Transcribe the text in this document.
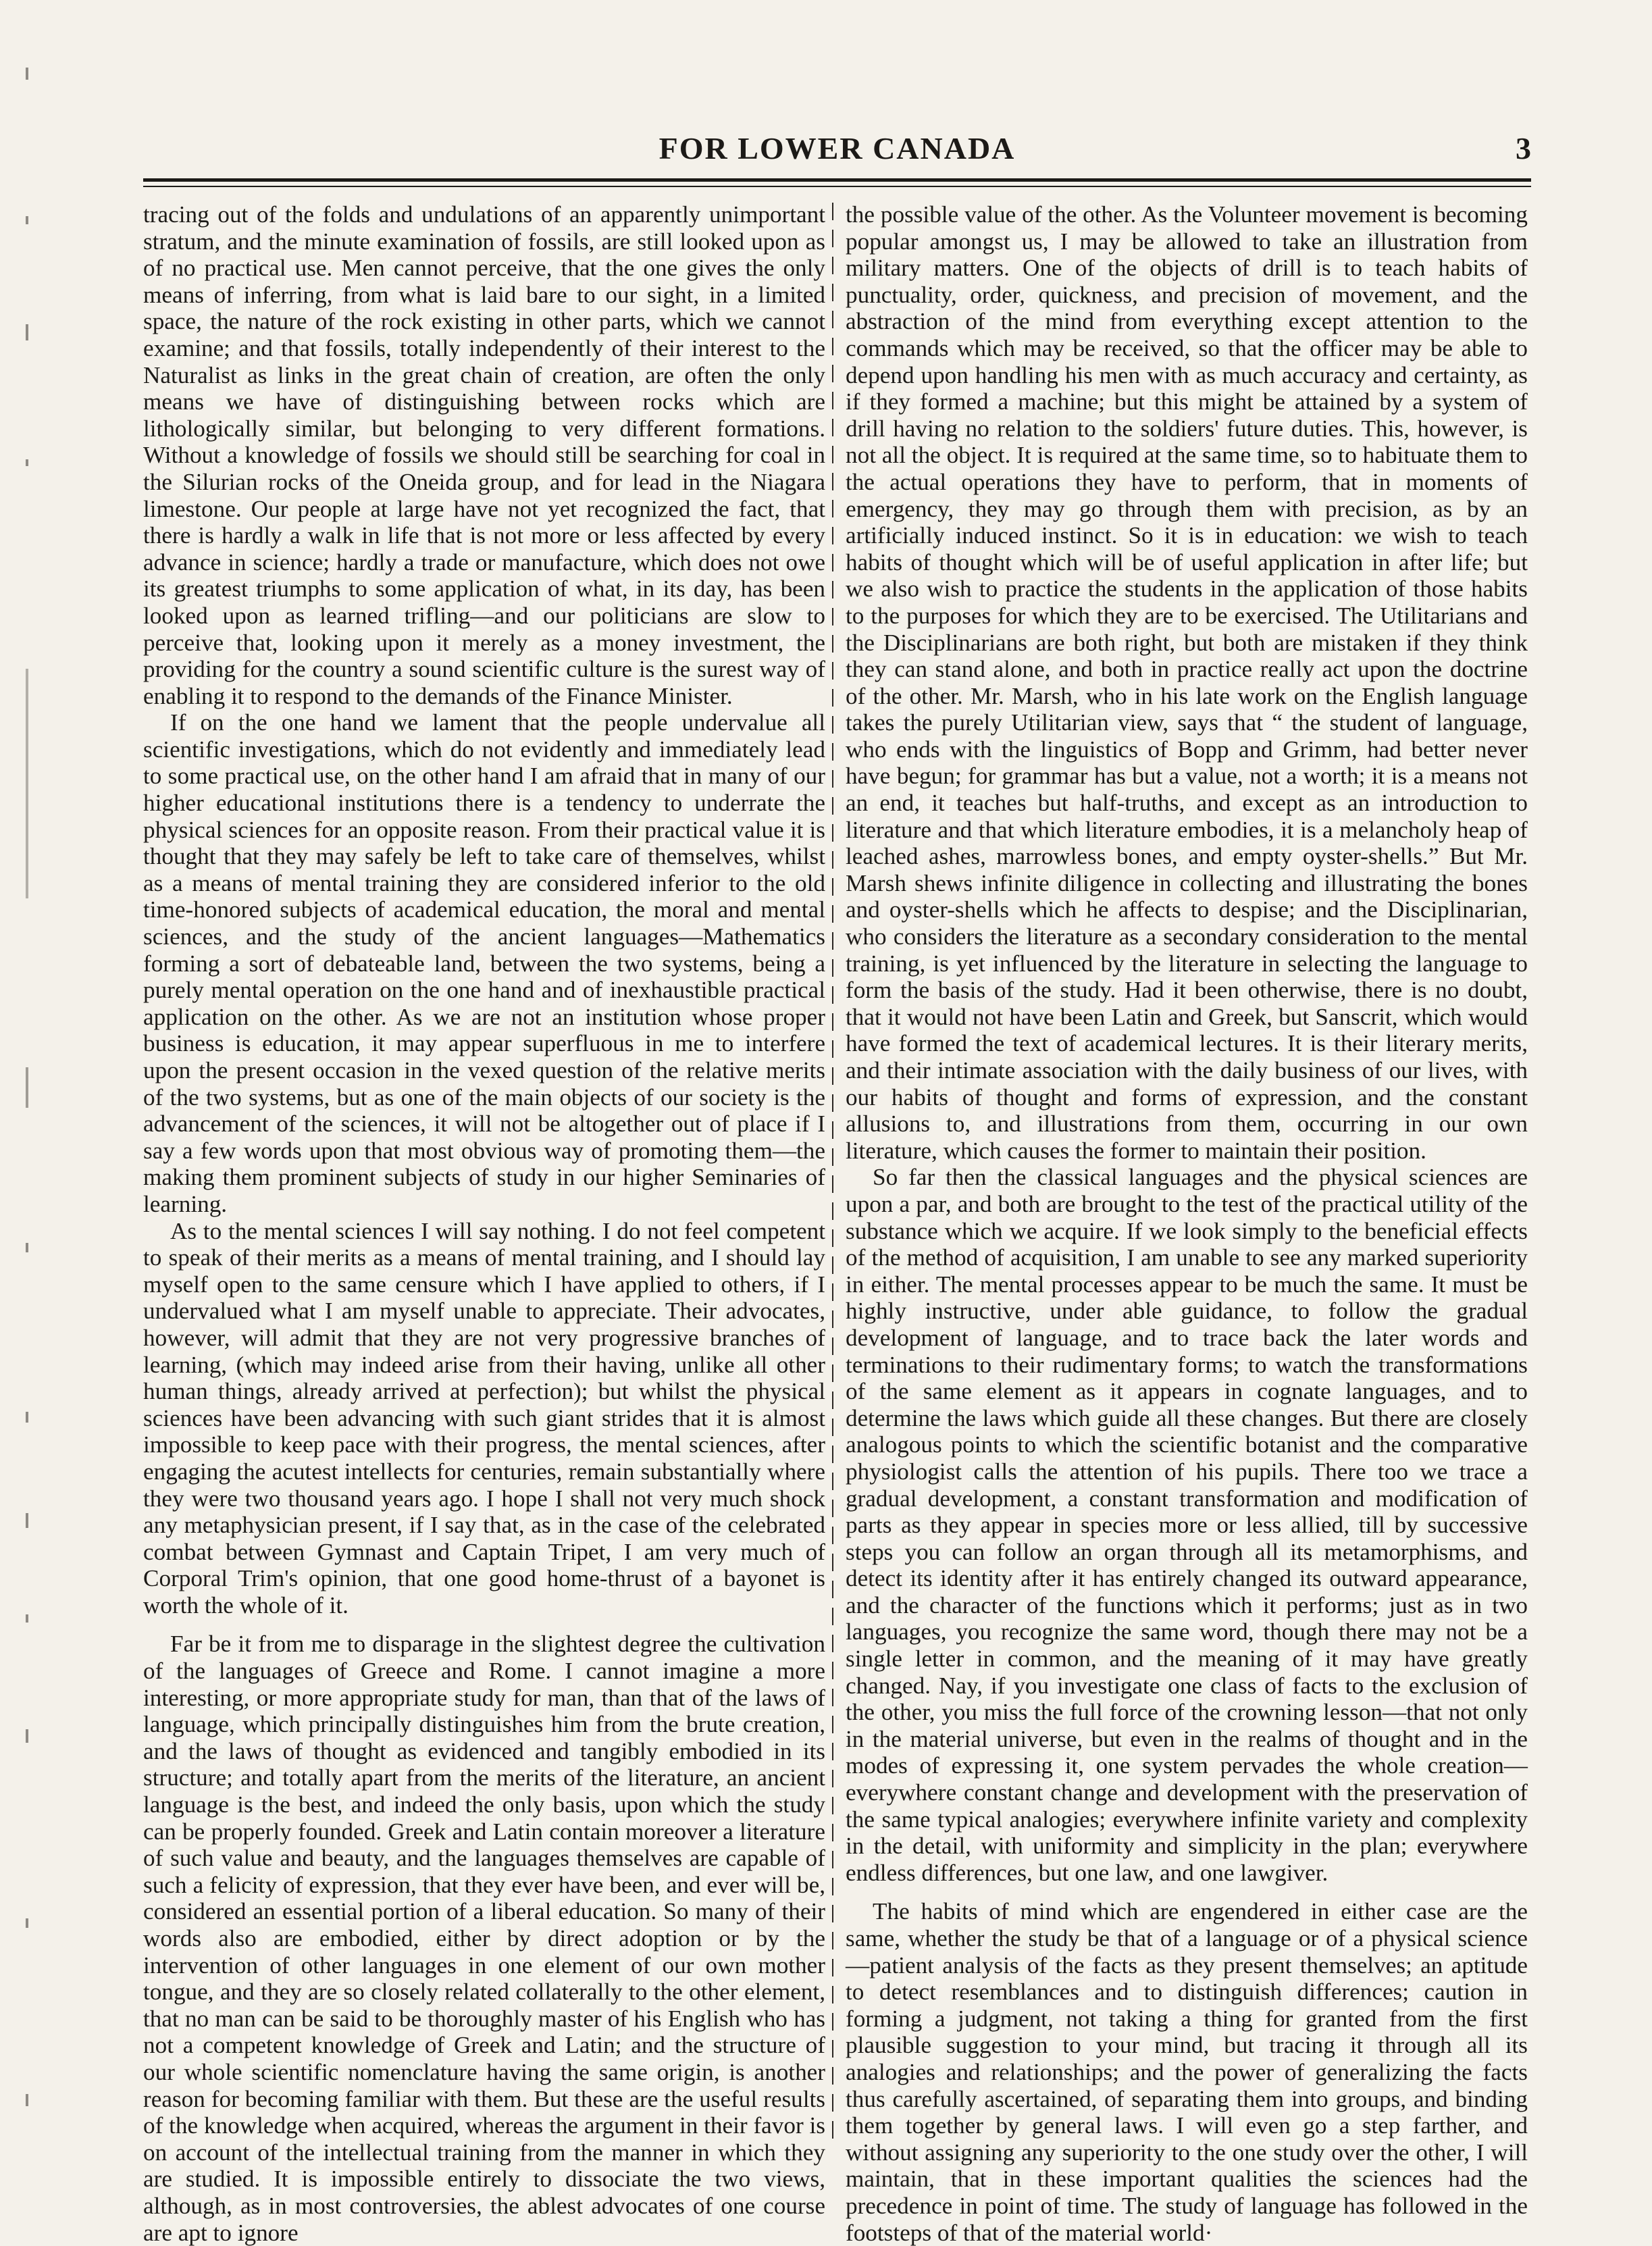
FOR LOWER CANADA	3

tracing out of the folds and undulations of an apparently unimportant stratum, and the minute examination of fossils, are still looked upon as of no practical use. Men cannot perceive, that the one gives the only means of inferring, from what is laid bare to our sight, in a limited space, the nature of the rock existing in other parts, which we cannot examine; and that fossils, totally independently of their interest to the Naturalist as links in the great chain of creation, are often the only means we have of distinguishing between rocks which are lithologically similar, but belonging to very different formations. Without a knowledge of fossils we should still be searching for coal in the Silurian rocks of the Oneida group, and for lead in the Niagara limestone. Our people at large have not yet recognized the fact, that there is hardly a walk in life that is not more or less affected by every advance in science; hardly a trade or manufacture, which does not owe its greatest triumphs to some application of what, in its day, has been looked upon as learned trifling—and our politicians are slow to perceive that, looking upon it merely as a money investment, the providing for the country a sound scientific culture is the surest way of enabling it to respond to the demands of the Finance Minister.

If on the one hand we lament that the people undervalue all scientific investigations, which do not evidently and immediately lead to some practical use, on the other hand I am afraid that in many of our higher educational institutions there is a tendency to underrate the physical sciences for an opposite reason. From their practical value it is thought that they may safely be left to take care of themselves, whilst as a means of mental training they are considered inferior to the old time-honored subjects of academical education, the moral and mental sciences, and the study of the ancient languages—Mathematics forming a sort of debateable land, between the two systems, being a purely mental operation on the one hand and of inexhaustible practical application on the other. As we are not an institution whose proper business is education, it may appear superfluous in me to interfere upon the present occasion in the vexed question of the relative merits of the two systems, but as one of the main objects of our society is the advancement of the sciences, it will not be altogether out of place if I say a few words upon that most obvious way of promoting them—the making them prominent subjects of study in our higher Seminaries of learning.

As to the mental sciences I will say nothing. I do not feel competent to speak of their merits as a means of mental training, and I should lay myself open to the same censure which I have applied to others, if I undervalued what I am myself unable to appreciate. Their advocates, however, will admit that they are not very progressive branches of learning, (which may indeed arise from their having, unlike all other human things, already arrived at perfection); but whilst the physical sciences have been advancing with such giant strides that it is almost impossible to keep pace with their progress, the mental sciences, after engaging the acutest intellects for centuries, remain substantially where they were two thousand years ago. I hope I shall not very much shock any metaphysician present, if I say that, as in the case of the celebrated combat between Gymnast and Captain Tripet, I am very much of Corporal Trim's opinion, that one good home-thrust of a bayonet is worth the whole of it.

Far be it from me to disparage in the slightest degree the cultivation of the languages of Greece and Rome. I cannot imagine a more interesting, or more appropriate study for man, than that of the laws of language, which principally distinguishes him from the brute creation, and the laws of thought as evidenced and tangibly embodied in its structure; and totally apart from the merits of the literature, an ancient language is the best, and indeed the only basis, upon which the study can be properly founded. Greek and Latin contain moreover a literature of such value and beauty, and the languages themselves are capable of such a felicity of expression, that they ever have been, and ever will be, considered an essential portion of a liberal education. So many of their words also are embodied, either by direct adoption or by the intervention of other languages in one element of our own mother tongue, and they are so closely related collaterally to the other element, that no man can be said to be thoroughly master of his English who has not a competent knowledge of Greek and Latin; and the structure of our whole scientific nomenclature having the same origin, is another reason for becoming familiar with them. But these are the useful results of the knowledge when acquired, whereas the argument in their favor is on account of the intellectual training from the manner in which they are studied. It is impossible entirely to dissociate the two views, although, as in most controversies, the ablest advocates of one course are apt to ignore

the possible value of the other. As the Volunteer movement is becoming popular amongst us, I may be allowed to take an illustration from military matters. One of the objects of drill is to teach habits of punctuality, order, quickness, and precision of movement, and the abstraction of the mind from everything except attention to the commands which may be received, so that the officer may be able to depend upon handling his men with as much accuracy and certainty, as if they formed a machine; but this might be attained by a system of drill having no relation to the soldiers' future duties. This, however, is not all the object. It is required at the same time, so to habituate them to the actual operations they have to perform, that in moments of emergency, they may go through them with precision, as by an artificially induced instinct. So it is in education: we wish to teach habits of thought which will be of useful application in after life; but we also wish to practice the students in the application of those habits to the purposes for which they are to be exercised. The Utilitarians and the Disciplinarians are both right, but both are mistaken if they think they can stand alone, and both in practice really act upon the doctrine of the other. Mr. Marsh, who in his late work on the English language takes the purely Utilitarian view, says that “ the student of language, who ends with the linguistics of Bopp and Grimm, had better never have begun; for grammar has but a value, not a worth; it is a means not an end, it teaches but half-truths, and except as an introduction to literature and that which literature embodies, it is a melancholy heap of leached ashes, marrowless bones, and empty oyster-shells.” But Mr. Marsh shews infinite diligence in collecting and illustrating the bones and oyster-shells which he affects to despise; and the Disciplinarian, who considers the literature as a secondary consideration to the mental training, is yet influenced by the literature in selecting the language to form the basis of the study. Had it been otherwise, there is no doubt, that it would not have been Latin and Greek, but Sanscrit, which would have formed the text of academical lectures. It is their literary merits, and their intimate association with the daily business of our lives, with our habits of thought and forms of expression, and the constant allusions to, and illustrations from them, occurring in our own literature, which causes the former to maintain their position.

So far then the classical languages and the physical sciences are upon a par, and both are brought to the test of the practical utility of the substance which we acquire. If we look simply to the beneficial effects of the method of acquisition, I am unable to see any marked superiority in either. The mental processes appear to be much the same. It must be highly instructive, under able guidance, to follow the gradual development of language, and to trace back the later words and terminations to their rudimentary forms; to watch the transformations of the same element as it appears in cognate languages, and to determine the laws which guide all these changes. But there are closely analogous points to which the scientific botanist and the comparative physiologist calls the attention of his pupils. There too we trace a gradual development, a constant transformation and modification of parts as they appear in species more or less allied, till by successive steps you can follow an organ through all its metamorphisms, and detect its identity after it has entirely changed its outward appearance, and the character of the functions which it performs; just as in two languages, you recognize the same word, though there may not be a single letter in common, and the meaning of it may have greatly changed. Nay, if you investigate one class of facts to the exclusion of the other, you miss the full force of the crowning lesson—that not only in the material universe, but even in the realms of thought and in the modes of expressing it, one system pervades the whole creation—everywhere constant change and development with the preservation of the same typical analogies; everywhere infinite variety and complexity in the detail, with uniformity and simplicity in the plan; everywhere endless differences, but one law, and one lawgiver.

The habits of mind which are engendered in either case are the same, whether the study be that of a language or of a physical science—patient analysis of the facts as they present themselves; an aptitude to detect resemblances and to distinguish differences; caution in forming a judgment, not taking a thing for granted from the first plausible suggestion to your mind, but tracing it through all its analogies and relationships; and the power of generalizing the facts thus carefully ascertained, of separating them into groups, and binding them together by general laws. I will even go a step farther, and without assigning any superiority to the one study over the other, I will maintain, that in these important qualities the sciences had the precedence in point of time. The study of language has followed in the footsteps of that of the material world·
